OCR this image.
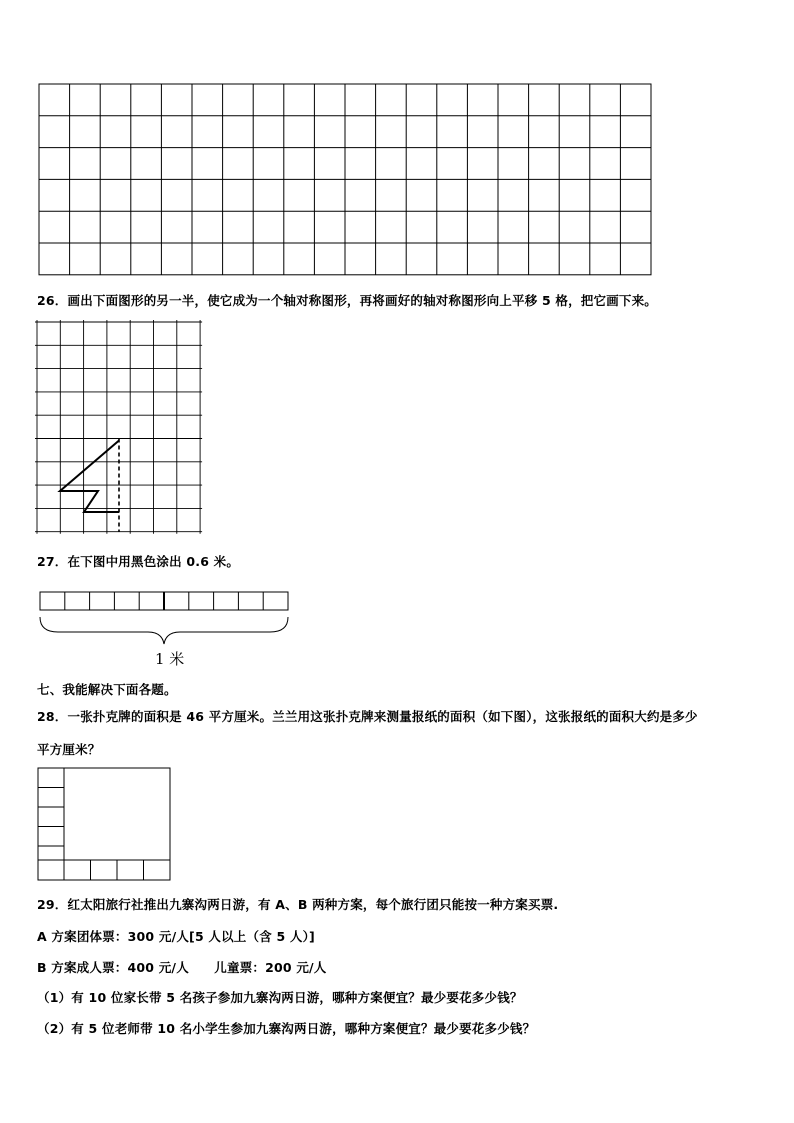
26．画出下面图形的另一半，使它成为一个轴对称图形，再将画好的轴对称图形向上平移 5 格，把它画下来。
27．在下图中用黑色涂出 0.6 米。
1 米
七、我能解决下面各题。
28．一张扑克牌的面积是 46 平方厘米。兰兰用这张扑克牌来测量报纸的面积（如下图），这张报纸的面积大约是多少
平方厘米？
29．红太阳旅行社推出九寨沟两日游，有 A、B 两种方案，每个旅行团只能按一种方案买票.
A 方案团体票：300 元/人[5 人以上（含 5 人）]
B 方案成人票：400 元/人　　儿童票：200 元/人
（1）有 10 位家长带 5 名孩子参加九寨沟两日游，哪种方案便宜？最少要花多少钱？
（2）有 5 位老师带 10 名小学生参加九寨沟两日游，哪种方案便宜？最少要花多少钱？
